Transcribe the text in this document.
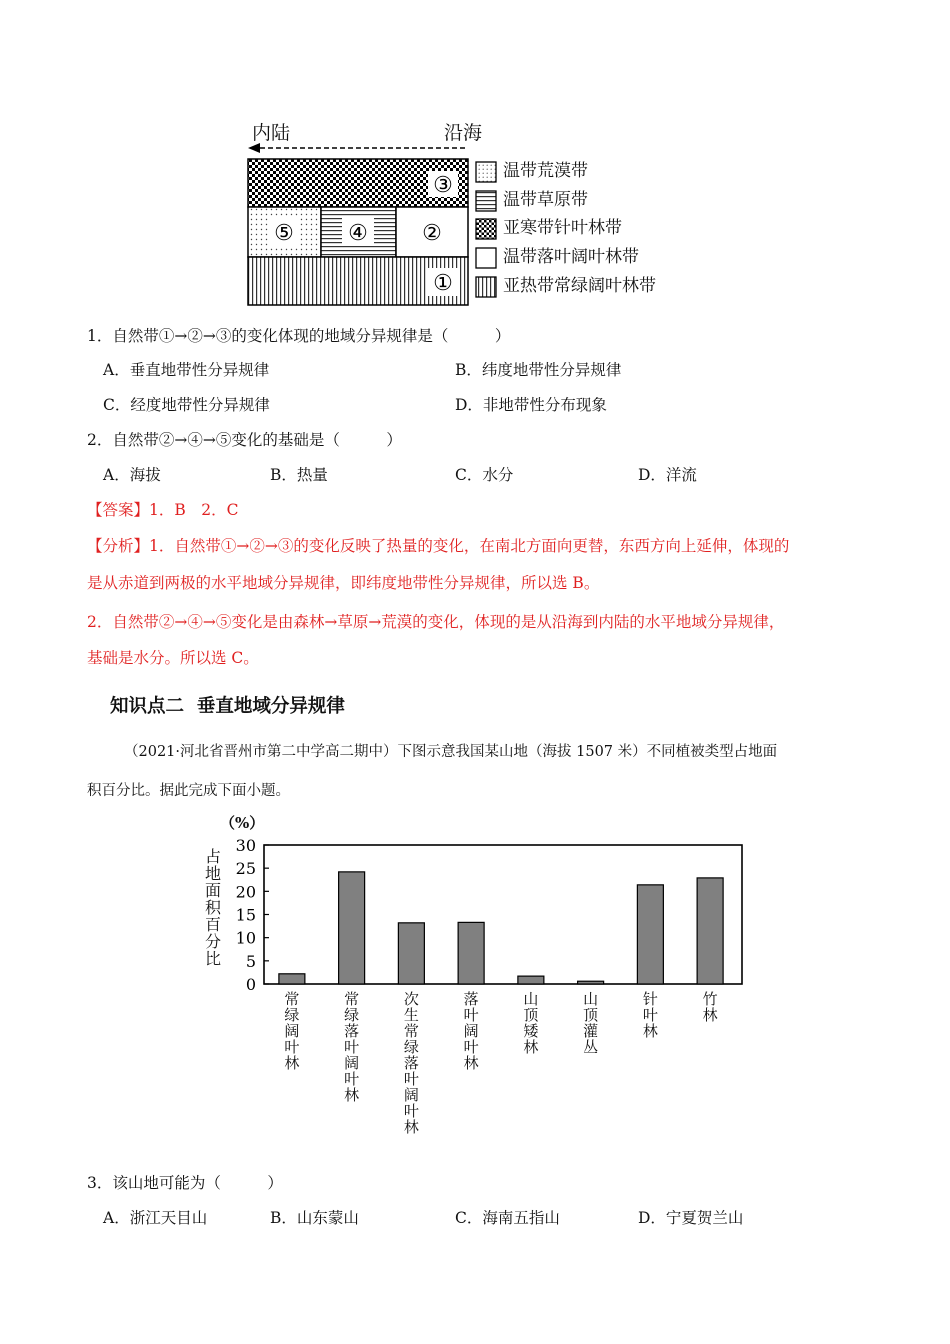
内陆	沿海
③
⑤ ④ ②
①
温带荒漠带
温带草原带
亚寒带针叶林带
温带落叶阔叶林带
亚热带常绿阔叶林带
1．自然带①→②→③的变化体现的地域分异规律是（　　　）
A．垂直地带性分异规律	B．纬度地带性分异规律
C．经度地带性分异规律	D．非地带性分布现象
2．自然带②→④→⑤变化的基础是（　　　）
A．海拔	B．热量	C．水分	D．洋流
【答案】1．B　2．C
【分析】1．自然带①→②→③的变化反映了热量的变化，在南北方面向更替，东西方向上延伸，体现的
是从赤道到两极的水平地域分异规律，即纬度地带性分异规律，所以选 B。
2．自然带②→④→⑤变化是由森林→草原→荒漠的变化，体现的是从沿海到内陆的水平地域分异规律，
基础是水分。所以选 C。
知识点二  垂直地域分异规律
（2021·河北省晋州市第二中学高二期中）下图示意我国某山地（海拔 1507 米）不同植被类型占地面
积百分比。据此完成下面小题。
（%）
占地面积百分比
0
5
10
15
20
25
30
常绿阔叶林
常绿落叶阔叶林
次生常绿落叶阔叶林
落叶阔叶林
山顶矮林
山顶灌丛
针叶林
竹林
3．该山地可能为（　　　）
A．浙江天目山	B．山东蒙山	C．海南五指山	D．宁夏贺兰山
